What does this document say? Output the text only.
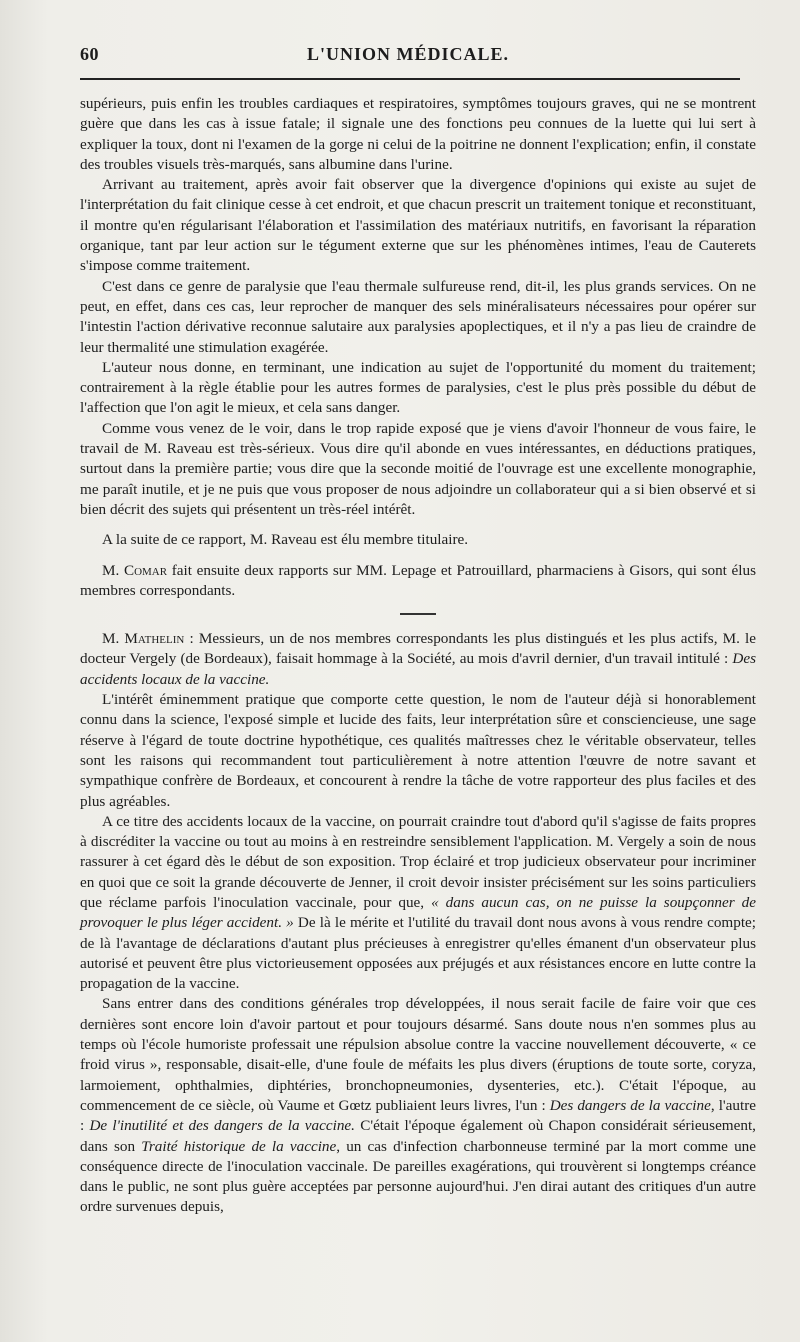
60	L'UNION MÉDICALE.

supérieurs, puis enfin les troubles cardiaques et respiratoires, symptômes toujours graves, qui ne se montrent guère que dans les cas à issue fatale; il signale une des fonctions peu connues de la luette qui lui sert à expliquer la toux, dont ni l'examen de la gorge ni celui de la poitrine ne donnent l'explication; enfin, il constate des troubles visuels très-marqués, sans albumine dans l'urine.

Arrivant au traitement, après avoir fait observer que la divergence d'opinions qui existe au sujet de l'interprétation du fait clinique cesse à cet endroit, et que chacun prescrit un traitement tonique et reconstituant, il montre qu'en régularisant l'élaboration et l'assimilation des matériaux nutritifs, en favorisant la réparation organique, tant par leur action sur le tégument externe que sur les phénomènes intimes, l'eau de Cauterets s'impose comme traitement.

C'est dans ce genre de paralysie que l'eau thermale sulfureuse rend, dit-il, les plus grands services. On ne peut, en effet, dans ces cas, leur reprocher de manquer des sels minéralisateurs nécessaires pour opérer sur l'intestin l'action dérivative reconnue salutaire aux paralysies apoplectiques, et il n'y a pas lieu de craindre de leur thermalité une stimulation exagérée.

L'auteur nous donne, en terminant, une indication au sujet de l'opportunité du moment du traitement; contrairement à la règle établie pour les autres formes de paralysies, c'est le plus près possible du début de l'affection que l'on agit le mieux, et cela sans danger.

Comme vous venez de le voir, dans le trop rapide exposé que je viens d'avoir l'honneur de vous faire, le travail de M. Raveau est très-sérieux. Vous dire qu'il abonde en vues intéressantes, en déductions pratiques, surtout dans la première partie; vous dire que la seconde moitié de l'ouvrage est une excellente monographie, me paraît inutile, et je ne puis que vous proposer de nous adjoindre un collaborateur qui a si bien observé et si bien décrit des sujets qui présentent un très-réel intérêt.

A la suite de ce rapport, M. Raveau est élu membre titulaire.

M. Comar fait ensuite deux rapports sur MM. Lepage et Patrouillard, pharmaciens à Gisors, qui sont élus membres correspondants.

M. Mathelin : Messieurs, un de nos membres correspondants les plus distingués et les plus actifs, M. le docteur Vergely (de Bordeaux), faisait hommage à la Société, au mois d'avril dernier, d'un travail intitulé : Des accidents locaux de la vaccine.

L'intérêt éminemment pratique que comporte cette question, le nom de l'auteur déjà si honorablement connu dans la science, l'exposé simple et lucide des faits, leur interprétation sûre et consciencieuse, une sage réserve à l'égard de toute doctrine hypothétique, ces qualités maîtresses chez le véritable observateur, telles sont les raisons qui recommandent tout particulièrement à notre attention l'œuvre de notre savant et sympathique confrère de Bordeaux, et concourent à rendre la tâche de votre rapporteur des plus faciles et des plus agréables.

A ce titre des accidents locaux de la vaccine, on pourrait craindre tout d'abord qu'il s'agisse de faits propres à discréditer la vaccine ou tout au moins à en restreindre sensiblement l'application. M. Vergely a soin de nous rassurer à cet égard dès le début de son exposition. Trop éclairé et trop judicieux observateur pour incriminer en quoi que ce soit la grande découverte de Jenner, il croit devoir insister précisément sur les soins particuliers que réclame parfois l'inoculation vaccinale, pour que, « dans aucun cas, on ne puisse la soupçonner de provoquer le plus léger accident. » De là le mérite et l'utilité du travail dont nous avons à vous rendre compte; de là l'avantage de déclarations d'autant plus précieuses à enregistrer qu'elles émanent d'un observateur plus autorisé et peuvent être plus victorieusement opposées aux préjugés et aux résistances encore en lutte contre la propagation de la vaccine.

Sans entrer dans des conditions générales trop développées, il nous serait facile de faire voir que ces dernières sont encore loin d'avoir partout et pour toujours désarmé. Sans doute nous n'en sommes plus au temps où l'école humoriste professait une répulsion absolue contre la vaccine nouvellement découverte, « ce froid virus », responsable, disait-elle, d'une foule de méfaits les plus divers (éruptions de toute sorte, coryza, larmoiement, ophthalmies, diphtéries, bronchopneumonies, dysenteries, etc.). C'était l'époque, au commencement de ce siècle, où Vaume et Gœtz publiaient leurs livres, l'un : Des dangers de la vaccine, l'autre : De l'inutilité et des dangers de la vaccine. C'était l'époque également où Chapon considérait sérieusement, dans son Traité historique de la vaccine, un cas d'infection charbonneuse terminé par la mort comme une conséquence directe de l'inoculation vaccinale. De pareilles exagérations, qui trouvèrent si longtemps créance dans le public, ne sont plus guère acceptées par personne aujourd'hui. J'en dirai autant des critiques d'un autre ordre survenues depuis,
